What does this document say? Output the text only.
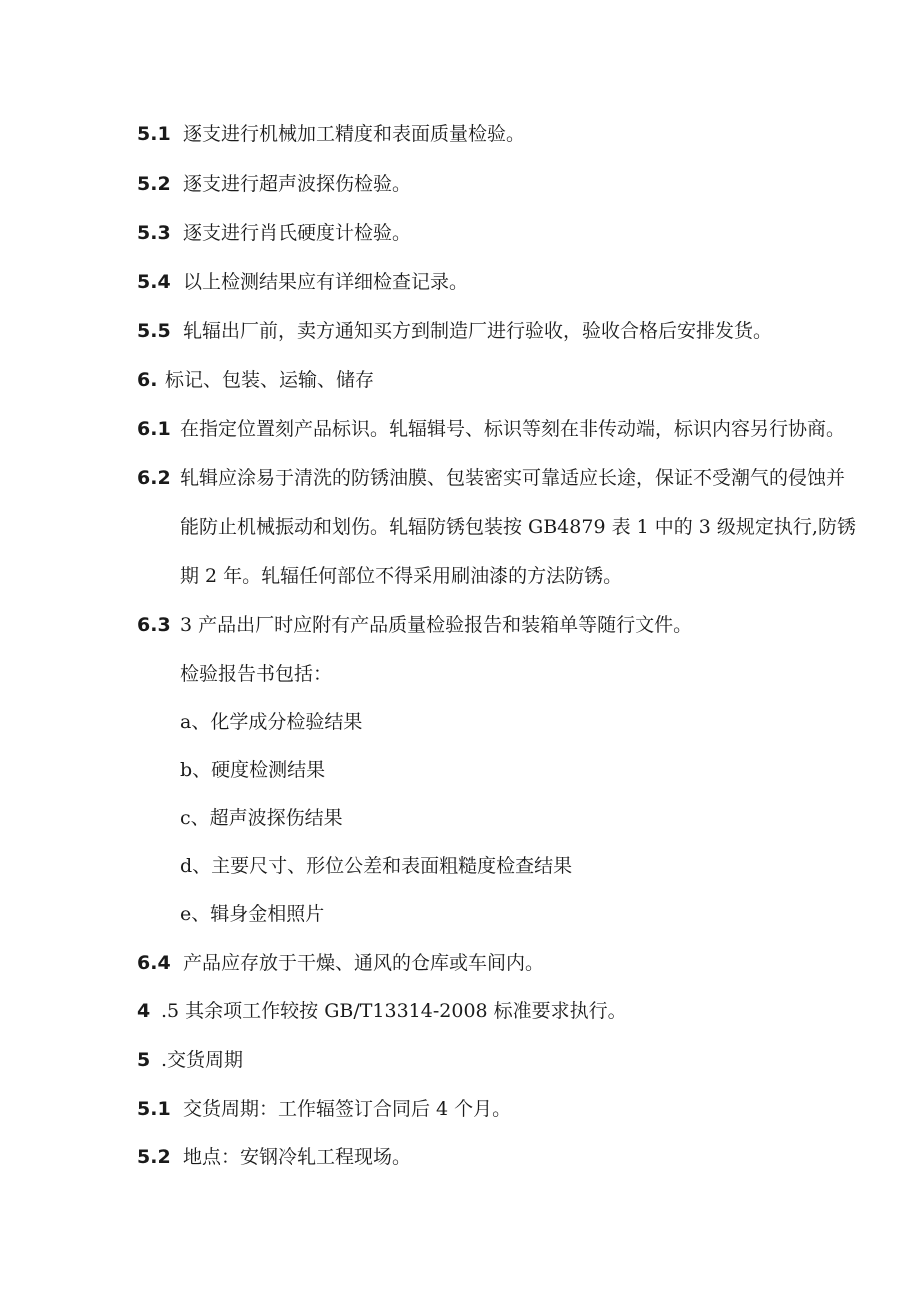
5.1 逐支进行机械加工精度和表面质量检验。
5.2 逐支进行超声波探伤检验。
5.3 逐支进行肖氏硬度计检验。
5.4 以上检测结果应有详细检查记录。
5.5 轧辐出厂前，卖方通知买方到制造厂进行验收，验收合格后安排发货。
6. 标记、包装、运输、储存
6.1 在指定位置刻产品标识。轧辐辑号、标识等刻在非传动端，标识内容另行协商。
6.2 轧辑应涂易于清洗的防锈油膜、包装密实可靠适应长途，保证不受潮气的侵蚀并
能防止机械振动和划伤。轧辐防锈包装按 GB4879 表 1 中的 3 级规定执行,防锈
期 2 年。轧辐任何部位不得采用刷油漆的方法防锈。
6.3 3 产品出厂时应附有产品质量检验报告和装箱单等随行文件。
检验报告书包括：
a、化学成分检验结果
b、硬度检测结果
c、超声波探伤结果
d、主要尺寸、形位公差和表面粗糙度检查结果
e、辑身金相照片
6.4 产品应存放于干燥、通风的仓库或车间内。
4 .5 其余项工作较按 GB/T13314-2008 标准要求执行。
5 .交货周期
5.1 交货周期：工作辐签订合同后 4 个月。
5.2 地点：安钢冷轧工程现场。
